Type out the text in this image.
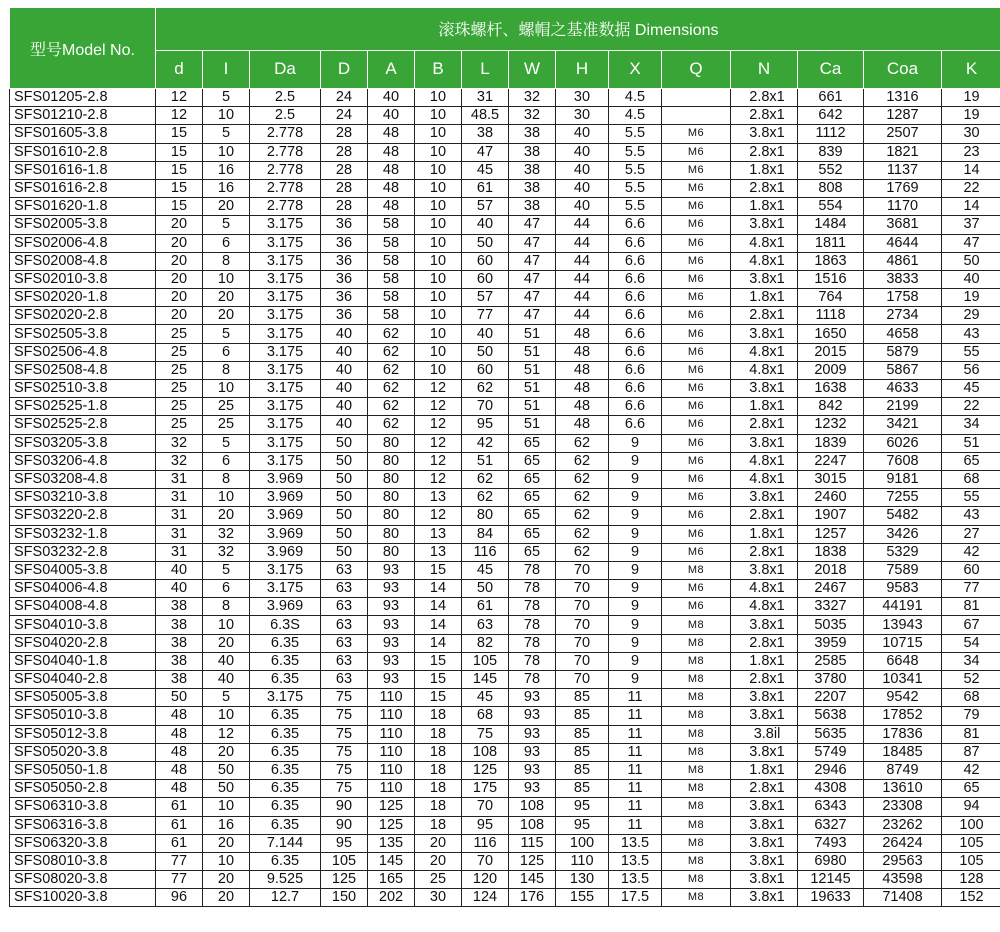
型号Model No.	滚珠螺杆、螺帽之基准数据 Dimensions														
	d	I	Da	D	A	B	L	W	H	X	Q	N	Ca	Coa	K
SFS01205-2.8	12	5	2.5	24	40	10	31	32	30	4.5		2.8x1	661	1316	19
SFS01210-2.8	12	10	2.5	24	40	10	48.5	32	30	4.5		2.8x1	642	1287	19
SFS01605-3.8	15	5	2.778	28	48	10	38	38	40	5.5	M6	3.8x1	1112	2507	30
SFS01610-2.8	15	10	2.778	28	48	10	47	38	40	5.5	M6	2.8x1	839	1821	23
SFS01616-1.8	15	16	2.778	28	48	10	45	38	40	5.5	M6	1.8x1	552	1137	14
SFS01616-2.8	15	16	2.778	28	48	10	61	38	40	5.5	M6	2.8x1	808	1769	22
SFS01620-1.8	15	20	2.778	28	48	10	57	38	40	5.5	M6	1.8x1	554	1170	14
SFS02005-3.8	20	5	3.175	36	58	10	40	47	44	6.6	M6	3.8x1	1484	3681	37
SFS02006-4.8	20	6	3.175	36	58	10	50	47	44	6.6	M6	4.8x1	1811	4644	47
SFS02008-4.8	20	8	3.175	36	58	10	60	47	44	6.6	M6	4.8x1	1863	4861	50
SFS02010-3.8	20	10	3.175	36	58	10	60	47	44	6.6	M6	3.8x1	1516	3833	40
SFS02020-1.8	20	20	3.175	36	58	10	57	47	44	6.6	M6	1.8x1	764	1758	19
SFS02020-2.8	20	20	3.175	36	58	10	77	47	44	6.6	M6	2.8x1	1118	2734	29
SFS02505-3.8	25	5	3.175	40	62	10	40	51	48	6.6	M6	3.8x1	1650	4658	43
SFS02506-4.8	25	6	3.175	40	62	10	50	51	48	6.6	M6	4.8x1	2015	5879	55
SFS02508-4.8	25	8	3.175	40	62	10	60	51	48	6.6	M6	4.8x1	2009	5867	56
SFS02510-3.8	25	10	3.175	40	62	12	62	51	48	6.6	M6	3.8x1	1638	4633	45
SFS02525-1.8	25	25	3.175	40	62	12	70	51	48	6.6	M6	1.8x1	842	2199	22
SFS02525-2.8	25	25	3.175	40	62	12	95	51	48	6.6	M6	2.8x1	1232	3421	34
SFS03205-3.8	32	5	3.175	50	80	12	42	65	62	9	M6	3.8x1	1839	6026	51
SFS03206-4.8	32	6	3.175	50	80	12	51	65	62	9	M6	4.8x1	2247	7608	65
SFS03208-4.8	31	8	3.969	50	80	12	62	65	62	9	M6	4.8x1	3015	9181	68
SFS03210-3.8	31	10	3.969	50	80	13	62	65	62	9	M6	3.8x1	2460	7255	55
SFS03220-2.8	31	20	3.969	50	80	12	80	65	62	9	M6	2.8x1	1907	5482	43
SFS03232-1.8	31	32	3.969	50	80	13	84	65	62	9	M6	1.8x1	1257	3426	27
SFS03232-2.8	31	32	3.969	50	80	13	116	65	62	9	M6	2.8x1	1838	5329	42
SFS04005-3.8	40	5	3.175	63	93	15	45	78	70	9	M8	3.8x1	2018	7589	60
SFS04006-4.8	40	6	3.175	63	93	14	50	78	70	9	M6	4.8x1	2467	9583	77
SFS04008-4.8	38	8	3.969	63	93	14	61	78	70	9	M6	4.8x1	3327	44191	81
SFS04010-3.8	38	10	6.3S	63	93	14	63	78	70	9	M8	3.8x1	5035	13943	67
SFS04020-2.8	38	20	6.35	63	93	14	82	78	70	9	M8	2.8x1	3959	10715	54
SFS04040-1.8	38	40	6.35	63	93	15	105	78	70	9	M8	1.8x1	2585	6648	34
SFS04040-2.8	38	40	6.35	63	93	15	145	78	70	9	M8	2.8x1	3780	10341	52
SFS05005-3.8	50	5	3.175	75	110	15	45	93	85	11	M8	3.8x1	2207	9542	68
SFS05010-3.8	48	10	6.35	75	110	18	68	93	85	11	M8	3.8x1	5638	17852	79
SFS05012-3.8	48	12	6.35	75	110	18	75	93	85	11	M8	3.8il	5635	17836	81
SFS05020-3.8	48	20	6.35	75	110	18	108	93	85	11	M8	3.8x1	5749	18485	87
SFS05050-1.8	48	50	6.35	75	110	18	125	93	85	11	M8	1.8x1	2946	8749	42
SFS05050-2.8	48	50	6.35	75	110	18	175	93	85	11	M8	2.8x1	4308	13610	65
SFS06310-3.8	61	10	6.35	90	125	18	70	108	95	11	M8	3.8x1	6343	23308	94
SFS06316-3.8	61	16	6.35	90	125	18	95	108	95	11	M8	3.8x1	6327	23262	100
SFS06320-3.8	61	20	7.144	95	135	20	116	115	100	13.5	M8	3.8x1	7493	26424	105
SFS08010-3.8	77	10	6.35	105	145	20	70	125	110	13.5	M8	3.8x1	6980	29563	105
SFS08020-3.8	77	20	9.525	125	165	25	120	145	130	13.5	M8	3.8x1	12145	43598	128
SFS10020-3.8	96	20	12.7	150	202	30	124	176	155	17.5	M8	3.8x1	19633	71408	152
